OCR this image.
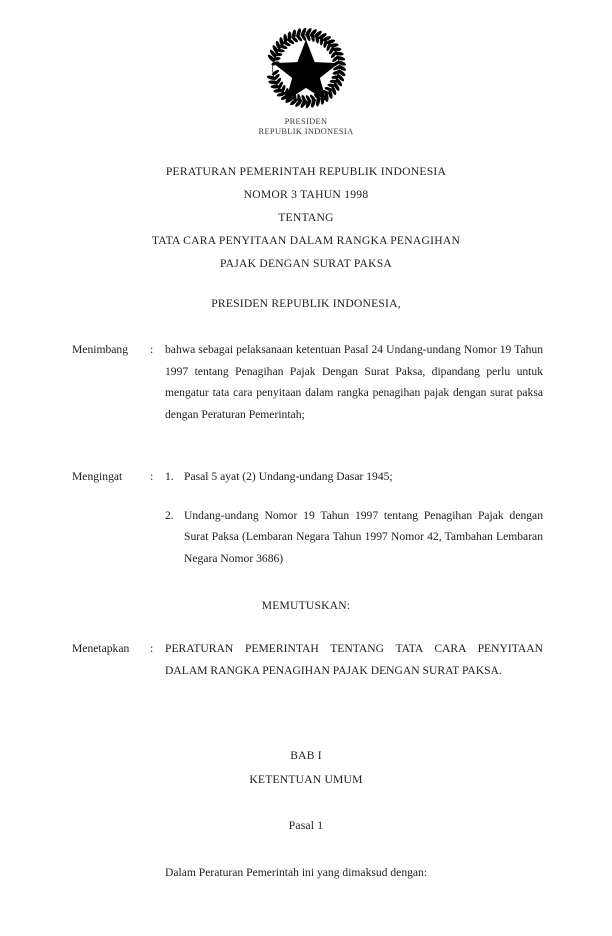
PRESIDEN
REPUBLIK INDONESIA
PERATURAN PEMERINTAH REPUBLIK INDONESIA
NOMOR 3 TAHUN 1998
TENTANG
TATA CARA PENYITAAN DALAM RANGKA PENAGIHAN
PAJAK DENGAN SURAT PAKSA
PRESIDEN REPUBLIK INDONESIA,
Menimbang	:	bahwa sebagai pelaksanaan ketentuan Pasal 24 Undang-undang Nomor 19 Tahun 1997 tentang Penagihan Pajak Dengan Surat Paksa, dipandang perlu untuk mengatur tata cara penyitaan dalam rangka penagihan pajak dengan surat paksa dengan Peraturan Pemerintah;

Mengingat	:	1. Pasal 5 ayat (2) Undang-undang Dasar 1945;
2. Undang-undang Nomor 19 Tahun 1997 tentang Penagihan Pajak dengan Surat Paksa (Lembaran Negara Tahun 1997 Nomor 42, Tambahan Lembaran Negara Nomor 3686)
MEMUTUSKAN:
Menetapkan	:	PERATURAN PEMERINTAH TENTANG TATA CARA PENYITAAN DALAM RANGKA PENAGIHAN PAJAK DENGAN SURAT PAKSA.

BAB I
KETENTUAN UMUM
Pasal 1
Dalam Peraturan Pemerintah ini yang dimaksud dengan:
